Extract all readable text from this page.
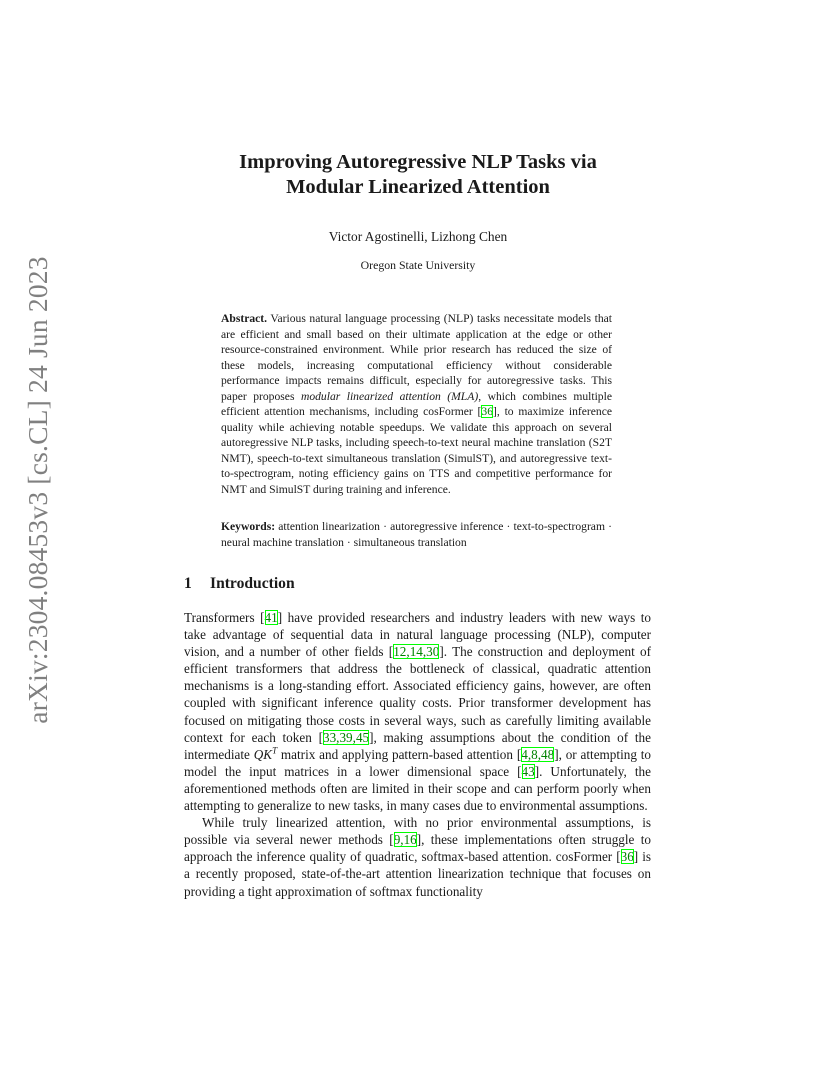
arXiv:2304.08453v3 [cs.CL] 24 Jun 2023
Improving Autoregressive NLP Tasks via
Modular Linearized Attention
Victor Agostinelli, Lizhong Chen
Oregon State University
Abstract. Various natural language processing (NLP) tasks necessitate models that are efficient and small based on their ultimate application at the edge or other resource-constrained environment. While prior research has reduced the size of these models, increasing computational efficiency without considerable performance impacts remains difficult, especially for autoregressive tasks. This paper proposes modular linearized attention (MLA), which combines multiple efficient attention mechanisms, including cosFormer [ 36 ] , to maximize inference quality while achieving notable speedups. We validate this approach on several autoregressive NLP tasks, including speech-to-text neural machine translation (S2T NMT), speech-to-text simultaneous translation (SimulST), and autoregressive text-to-spectrogram, noting efficiency gains on TTS and competitive performance for NMT and SimulST during training and inference.
Keywords: attention linearization · autoregressive inference · text-to-spectrogram · neural machine translation · simultaneous translation
1 Introduction

Transformers [ 41 ] have provided researchers and industry leaders with new ways to take advantage of sequential data in natural language processing (NLP), computer vision, and a number of other fields [ 12,14,30 ] . The construction and deployment of efficient transformers that address the bottleneck of classical, quadratic attention mechanisms is a long-standing effort. Associated efficiency gains, however, are often coupled with significant inference quality costs. Prior transformer development has focused on mitigating those costs in several ways, such as carefully limiting available context for each token [ 33,39,45 ] , making assumptions about the condition of the intermediate $QK^T$ matrix and applying pattern-based attention [ 4,8,48 ] , or attempting to model the input matrices in a lower dimensional space [ 43 ] . Unfortunately, the aforementioned methods often are limited in their scope and can perform poorly when attempting to generalize to new tasks, in many cases due to environmental assumptions.

While truly linearized attention, with no prior environmental assumptions, is possible via several newer methods [ 9,16 ] , these implementations often struggle to approach the inference quality of quadratic, softmax-based attention. cosFormer [ 36 ] is a recently proposed, state-of-the-art attention linearization technique that focuses on providing a tight approximation of softmax functionality
